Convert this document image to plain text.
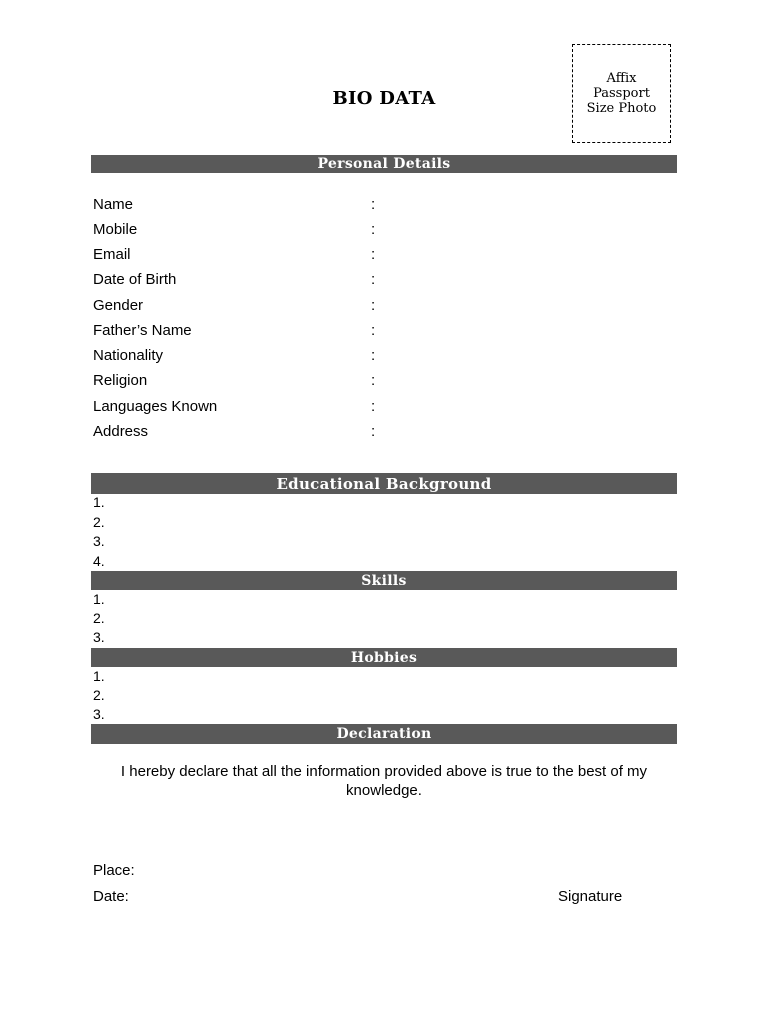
BIO DATA
Affix
Passport
Size Photo
Personal Details
Name	:
Mobile	:
Email	:
Date of Birth	:
Gender	:
Father’s Name	:
Nationality	:
Religion	:
Languages Known	:
Address	:
Educational Background
1.
2.
3.
4.
Skills
1.
2.
3.
Hobbies
1.
2.
3.
Declaration
I hereby declare that all the information provided above is true to the best of my knowledge.
Place:
Date:	Signature
